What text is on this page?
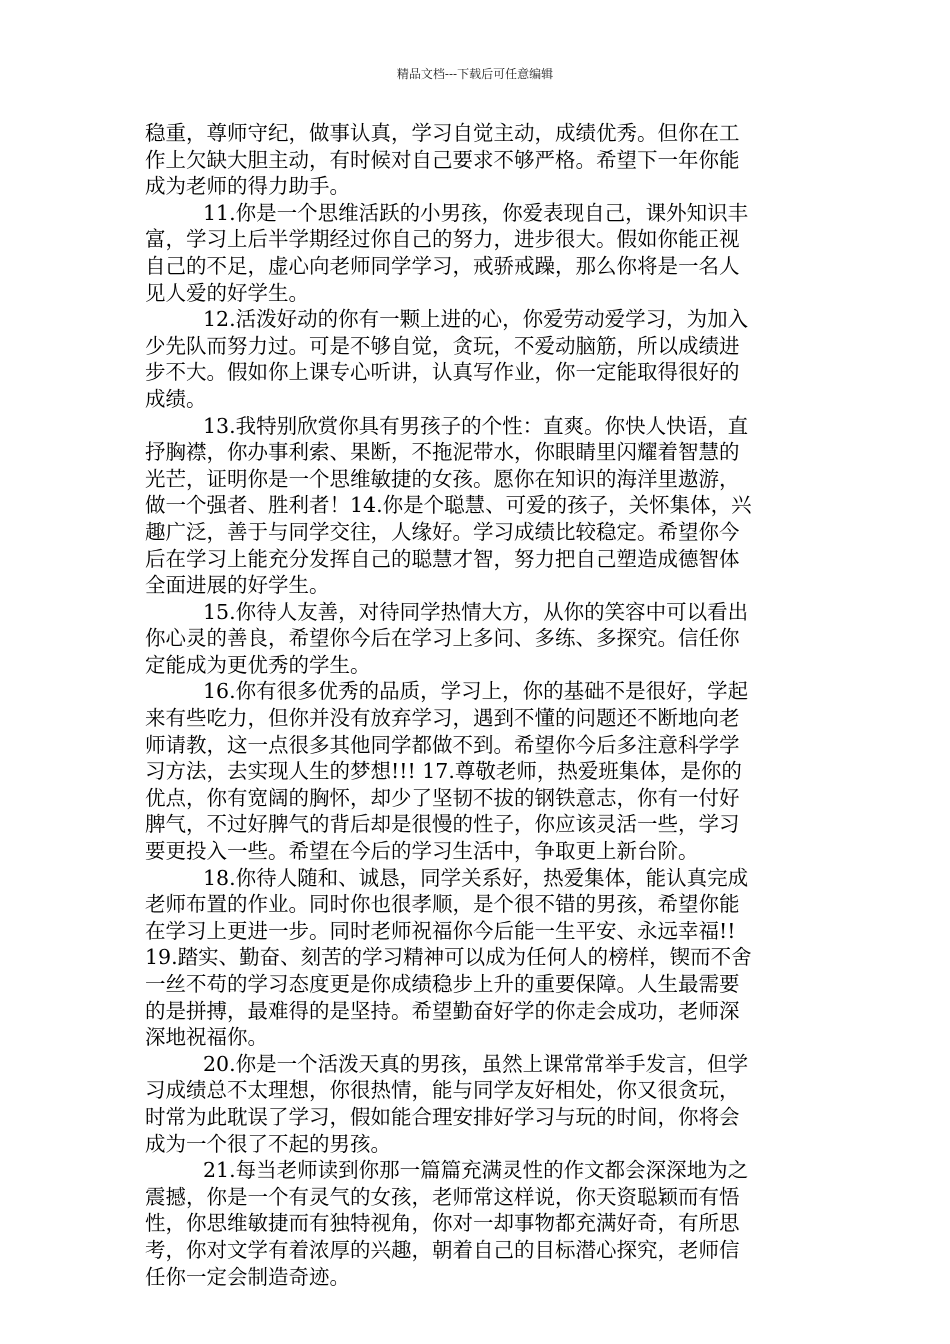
精品文档---下载后可任意编辑
稳重，尊师守纪，做事认真，学习自觉主动，成绩优秀。但你在工
作上欠缺大胆主动，有时候对自己要求不够严格。希望下一年你能
成为老师的得力助手。
11.你是一个思维活跃的小男孩，你爱表现自己，课外知识丰
富，学习上后半学期经过你自己的努力，进步很大。假如你能正视
自己的不足，虚心向老师同学学习，戒骄戒躁，那么你将是一名人
见人爱的好学生。
12.活泼好动的你有一颗上进的心，你爱劳动爱学习，为加入
少先队而努力过。可是不够自觉，贪玩，不爱动脑筋，所以成绩进
步不大。假如你上课专心听讲，认真写作业，你一定能取得很好的
成绩。
13.我特别欣赏你具有男孩子的个性：直爽。你快人快语，直
抒胸襟，你办事利索、果断，不拖泥带水，你眼睛里闪耀着智慧的
光芒，证明你是一个思维敏捷的女孩。愿你在知识的海洋里遨游，
做一个强者、胜利者！14.你是个聪慧、可爱的孩子，关怀集体，兴
趣广泛，善于与同学交往，人缘好。学习成绩比较稳定。希望你今
后在学习上能充分发挥自己的聪慧才智，努力把自己塑造成德智体
全面进展的好学生。
15.你待人友善，对待同学热情大方，从你的笑容中可以看出
你心灵的善良，希望你今后在学习上多问、多练、多探究。信任你
定能成为更优秀的学生。
16.你有很多优秀的品质，学习上，你的基础不是很好，学起
来有些吃力，但你并没有放弃学习，遇到不懂的问题还不断地向老
师请教，这一点很多其他同学都做不到。希望你今后多注意科学学
习方法，去实现人生的梦想!!! 17.尊敬老师，热爱班集体，是你的
优点，你有宽阔的胸怀，却少了坚韧不拔的钢铁意志，你有一付好
脾气，不过好脾气的背后却是很慢的性子，你应该灵活一些，学习
要更投入一些。希望在今后的学习生活中，争取更上新台阶。
18.你待人随和、诚恳，同学关系好，热爱集体，能认真完成
老师布置的作业。同时你也很孝顺，是个很不错的男孩，希望你能
在学习上更进一步。同时老师祝福你今后能一生平安、永远幸福!!
19.踏实、勤奋、刻苦的学习精神可以成为任何人的榜样，锲而不舍
一丝不苟的学习态度更是你成绩稳步上升的重要保障。人生最需要
的是拼搏，最难得的是坚持。希望勤奋好学的你走会成功，老师深
深地祝福你。
20.你是一个活泼天真的男孩，虽然上课常常举手发言，但学
习成绩总不太理想，你很热情，能与同学友好相处，你又很贪玩，
时常为此耽误了学习，假如能合理安排好学习与玩的时间，你将会
成为一个很了不起的男孩。
21.每当老师读到你那一篇篇充满灵性的作文都会深深地为之
震撼，你是一个有灵气的女孩，老师常这样说，你天资聪颖而有悟
性，你思维敏捷而有独特视角，你对一却事物都充满好奇，有所思
考，你对文学有着浓厚的兴趣，朝着自己的目标潜心探究，老师信
任你一定会制造奇迹。
